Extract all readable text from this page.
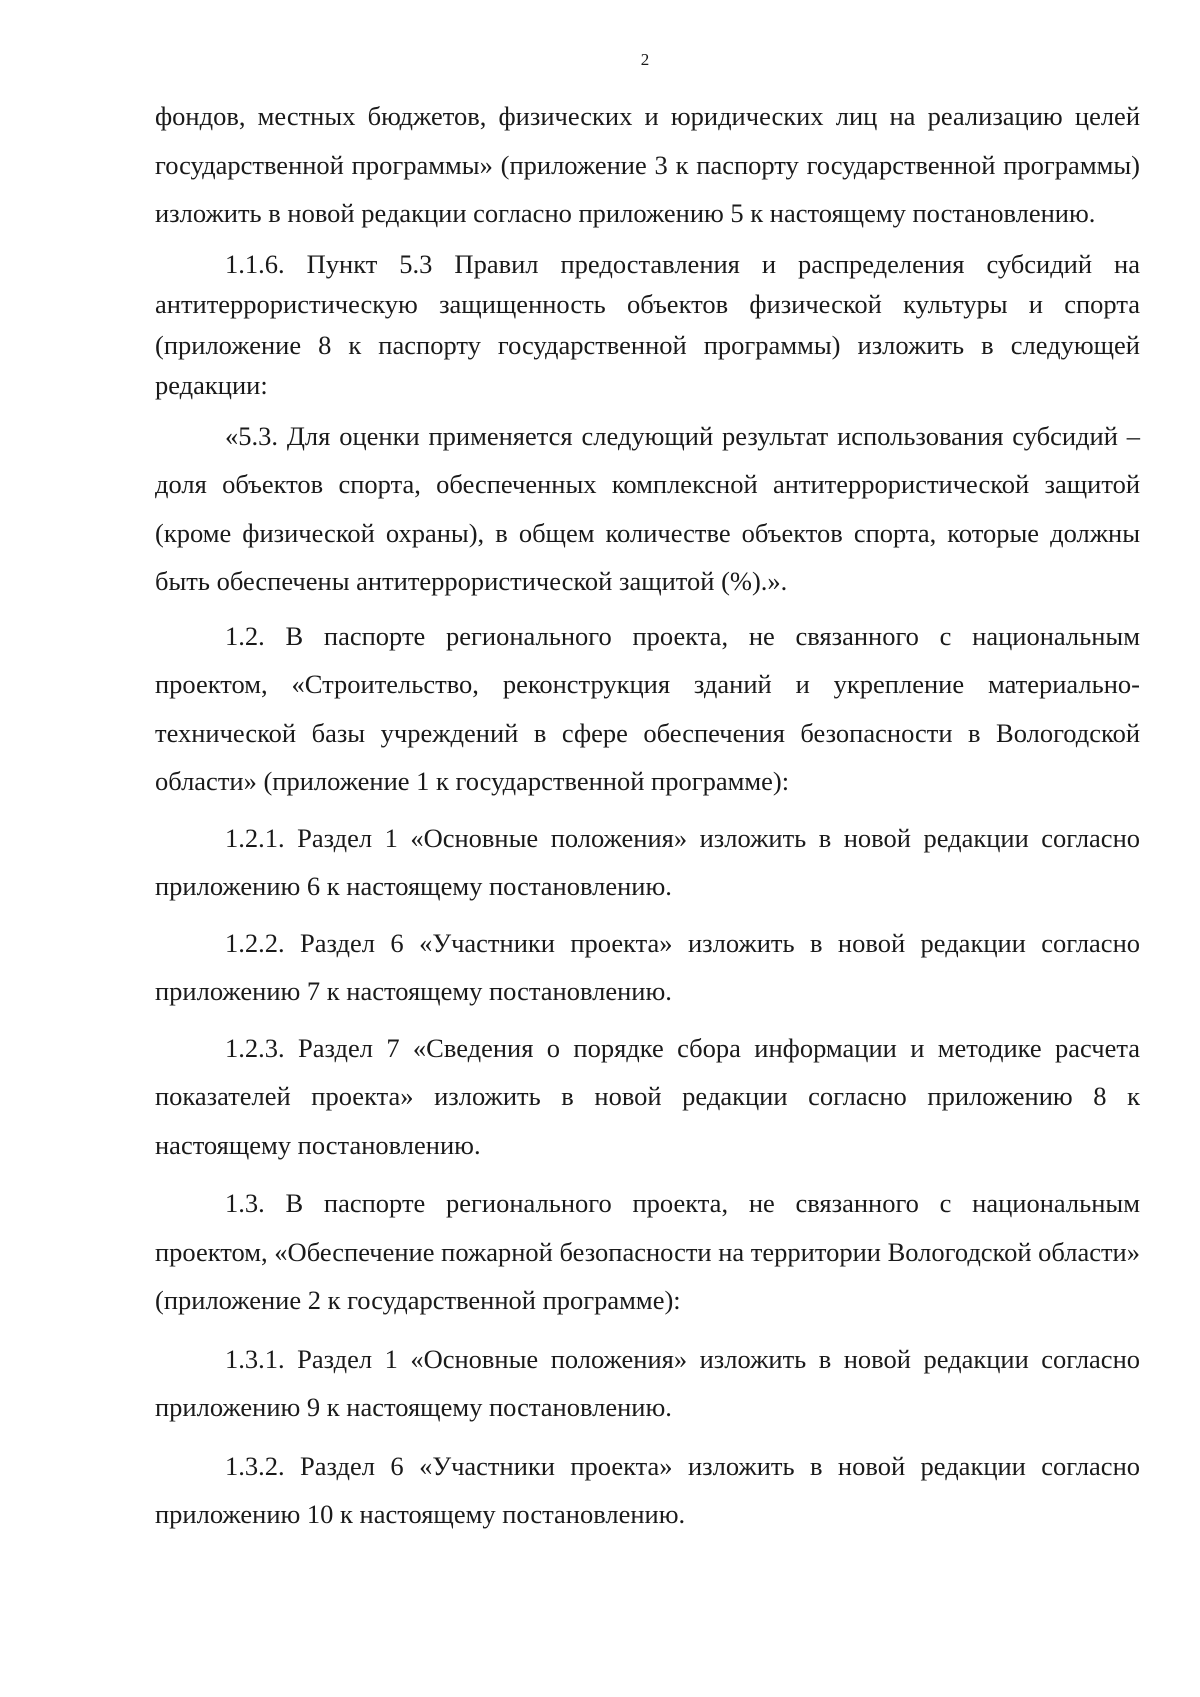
2

фондов, местных бюджетов, физических и юридических лиц на реализацию целей государственной программы» (приложение 3 к паспорту государственной программы) изложить в новой редакции согласно приложению 5 к настоящему постановлению.

1.1.6. Пункт 5.3 Правил предоставления и распределения субсидий на антитеррористическую защищенность объектов физической культуры и спорта (приложение 8 к паспорту государственной программы) изложить в следующей редакции:

«5.3. Для оценки применяется следующий результат использования субсидий – доля объектов спорта, обеспеченных комплексной антитеррористической защитой (кроме физической охраны), в общем количестве объектов спорта, которые должны быть обеспечены антитеррористической защитой (%).».

1.2. В паспорте регионального проекта, не связанного с национальным проектом, «Строительство, реконструкция зданий и укрепление материально-технической базы учреждений в сфере обеспечения безопасности в Вологодской области» (приложение 1 к государственной программе):

1.2.1. Раздел 1 «Основные положения» изложить в новой редакции согласно приложению 6 к настоящему постановлению.

1.2.2. Раздел 6 «Участники проекта» изложить в новой редакции согласно приложению 7 к настоящему постановлению.

1.2.3. Раздел 7 «Сведения о порядке сбора информации и методике расчета показателей проекта» изложить в новой редакции согласно приложению 8 к настоящему постановлению.

1.3. В паспорте регионального проекта, не связанного с национальным проектом, «Обеспечение пожарной безопасности на территории Вологодской области» (приложение 2 к государственной программе):

1.3.1. Раздел 1 «Основные положения» изложить в новой редакции согласно приложению 9 к настоящему постановлению.

1.3.2. Раздел 6 «Участники проекта» изложить в новой редакции согласно приложению 10 к настоящему постановлению.
